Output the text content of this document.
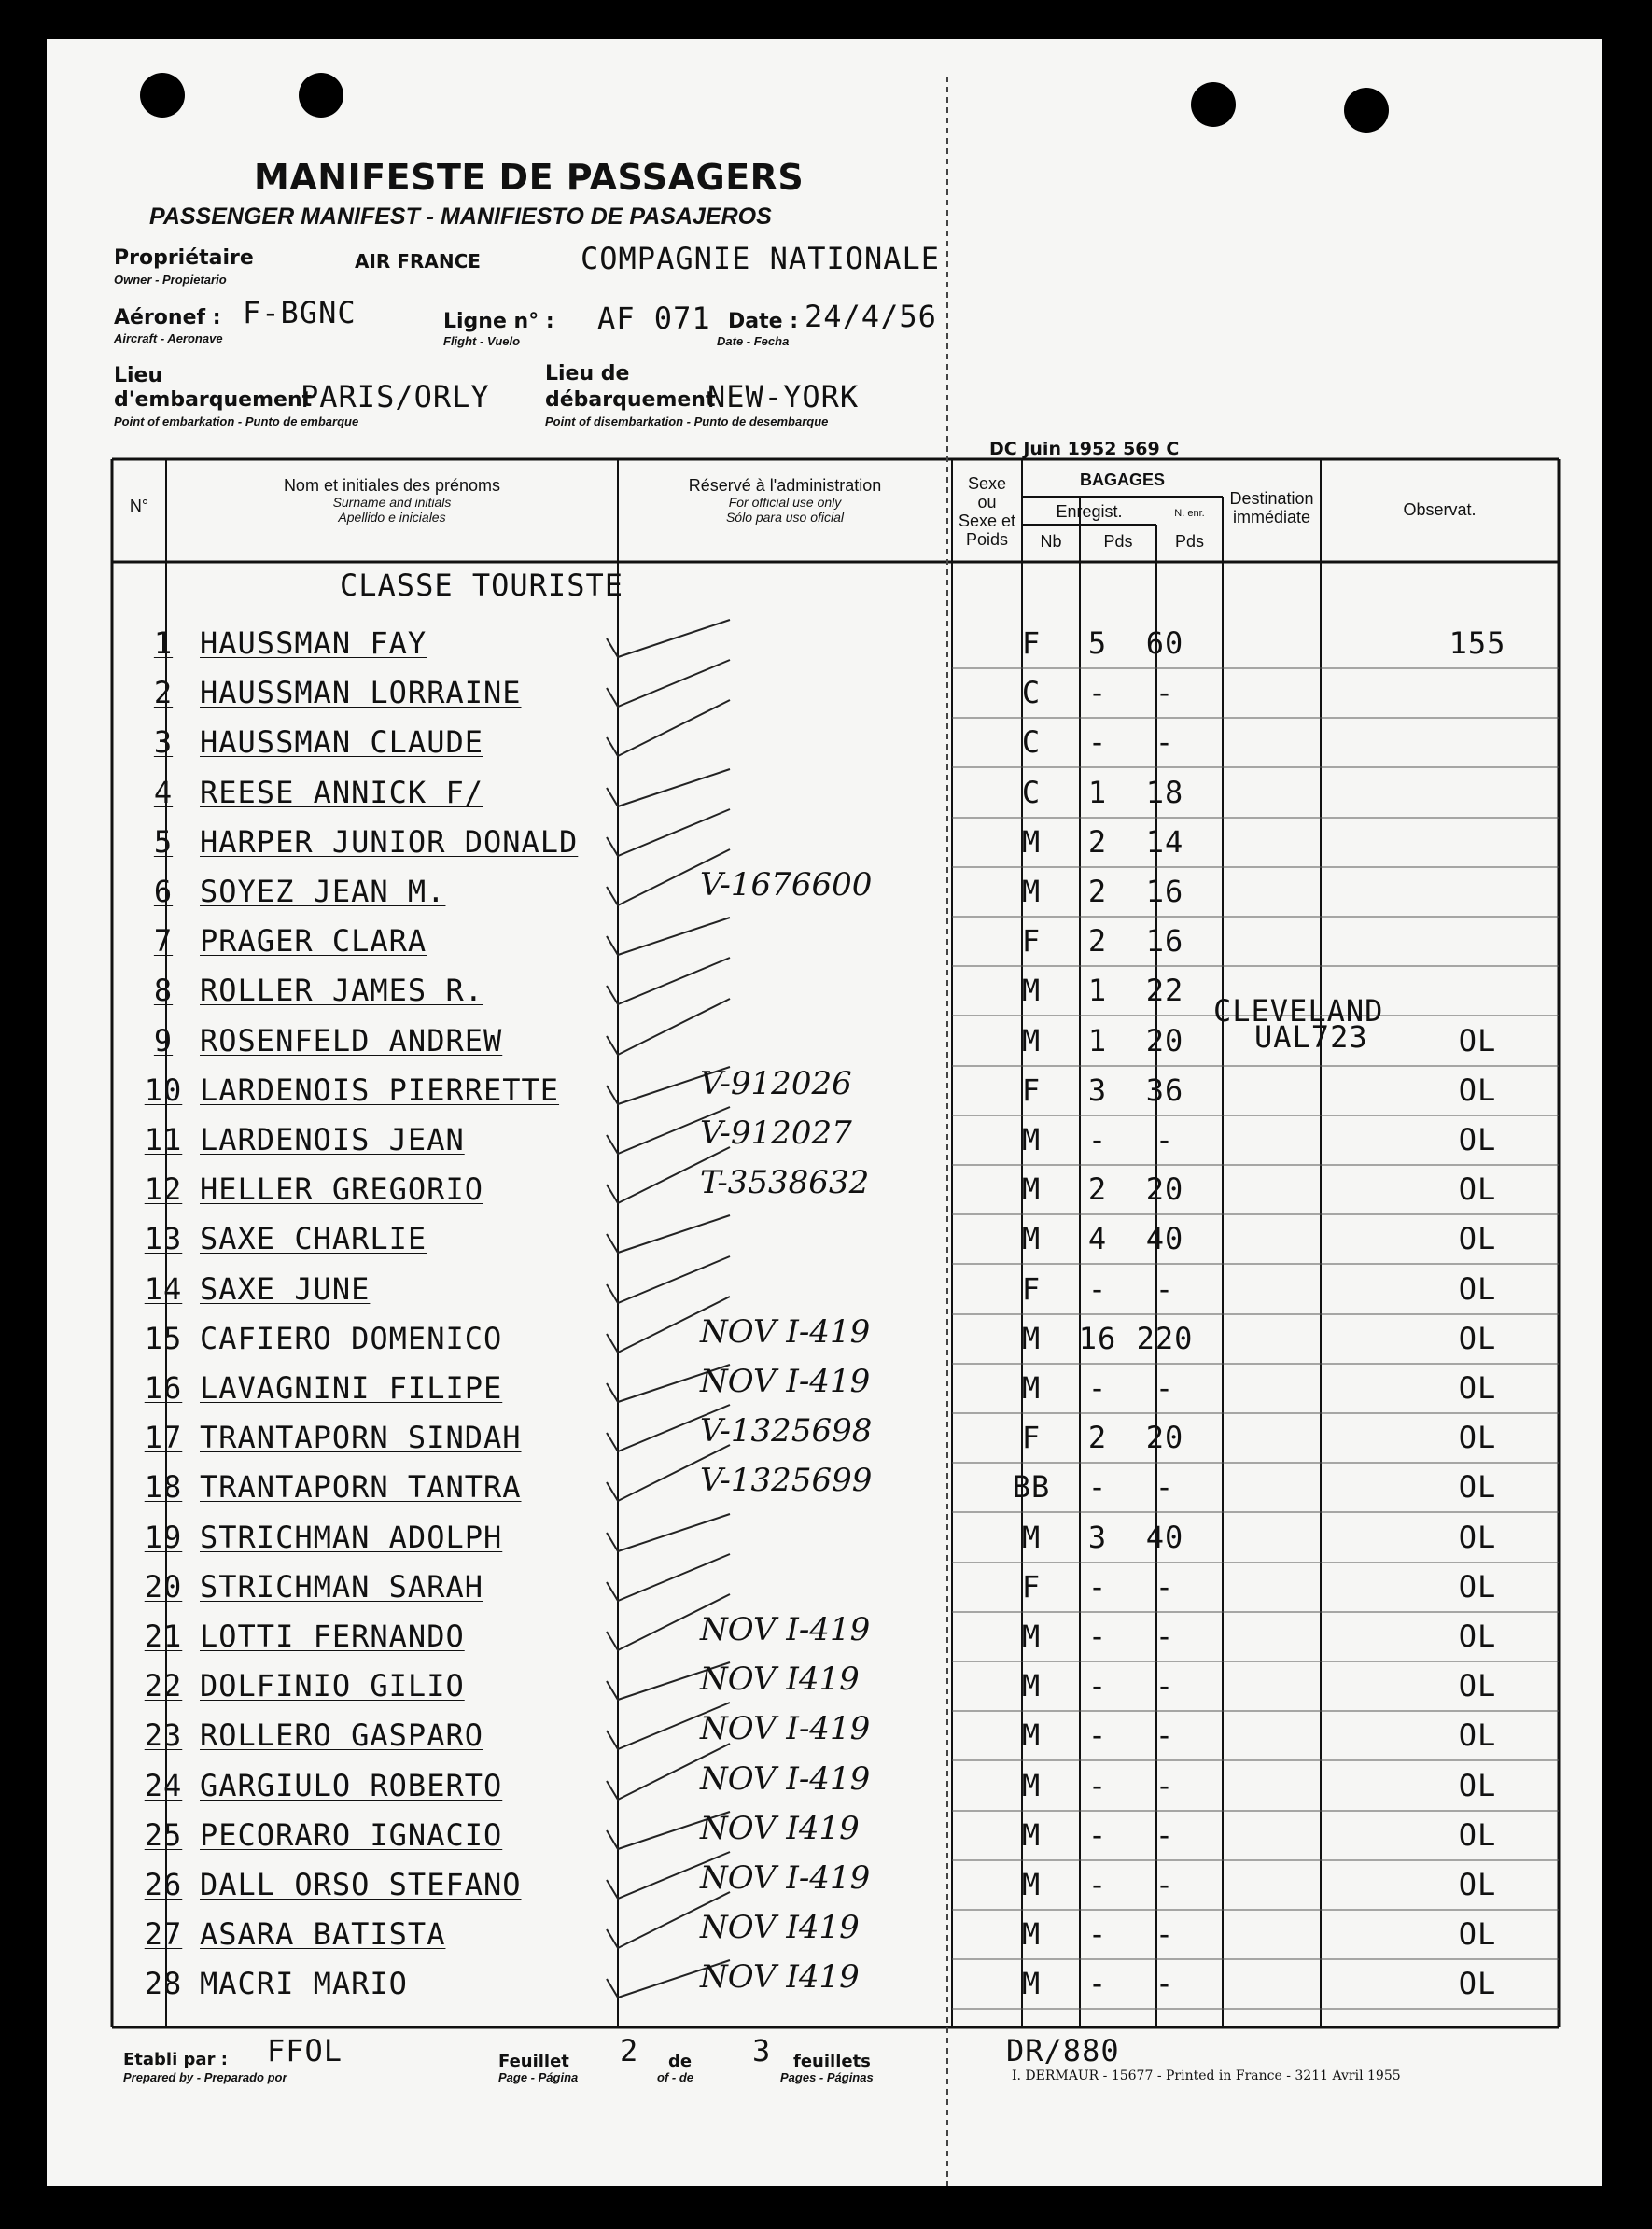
MANIFESTE DE PASSAGERS
PASSENGER MANIFEST - MANIFIESTO DE PASAJEROS
Propriétaire
Owner - Propietario
AIR FRANCE	COMPAGNIE NATIONALE
Aéronef :
Aircraft - Aeronave
F-BGNC	Ligne n° :
Flight - Vuelo
AF 071 Date :
Date - Fecha
24/4/56
Lieu
d'embarquement
Point of embarkation - Punto de embarque
PARIS/ORLY
Lieu de
débarquement
Point of disembarkation - Punto de desembarque
NEW-YORK
DC Juin 1952 569 C
N°
Nom et initiales des prénoms
Surname and initials
Apellido e iniciales
Réservé à l'administration
For official use only
Sólo para uso oficial
Sexe
ou
Sexe et
Poids
BAGAGES
Enregist.
Nb	Pds
N. enr.
Pds
Destination
immédiate	Observat.
CLASSE TOURISTE
CLEVELAND
UAL723
1 HAUSSMAN FAY	F	5	60	155
2 HAUSSMAN LORRAINE	C	-	-
3 HAUSSMAN CLAUDE	C	-	-
4 REESE ANNICK F/	C	1	18
5 HARPER JUNIOR DONALD	M	2	14
6 SOYEZ JEAN M.	V-1676600	M	2	16
7 PRAGER CLARA	F	2	16
8 ROLLER JAMES R.	M	1	22
9 ROSENFELD ANDREW	M	1	20	OL
10 LARDENOIS PIERRETTE	V-912026	F	3	36	OL
11 LARDENOIS JEAN	V-912027	M	-	-	OL
12 HELLER GREGORIO	T-3538632	M	2	20	OL
13 SAXE CHARLIE	M	4	40	OL
14 SAXE JUNE	F	-	-	OL
15 CAFIERO DOMENICO	NOV I-419	M	16 220	OL
16 LAVAGNINI FILIPE	NOV I-419	M	-	-	OL
17 TRANTAPORN SINDAH	V-1325698	F	2	20	OL
18 TRANTAPORN TANTRA	V-1325699	BB	-	-	OL
19 STRICHMAN ADOLPH	M	3	40	OL
20 STRICHMAN SARAH	F	-	-	OL
21 LOTTI FERNANDO	NOV I-419	M	-	-	OL
22 DOLFINIO GILIO	NOV I419	M	-	-	OL
23 ROLLERO GASPARO	NOV I-419	M	-	-	OL
24 GARGIULO ROBERTO	NOV I-419	M	-	-	OL
25 PECORARO IGNACIO	NOV I419	M	-	-	OL
26 DALL ORSO STEFANO	NOV I-419	M	-	-	OL
27 ASARA BATISTA	NOV I419	M	-	-	OL
28 MACRI MARIO	NOV I419	M	-	-	OL
Etabli par :
Prepared by - Preparado por
FFOL	Feuillet
Page - Página
2 de
of - de
3 feuillets
Pages - Páginas
DR/880
I. DERMAUR - 15677 - Printed in France - 3211 Avril 1955
